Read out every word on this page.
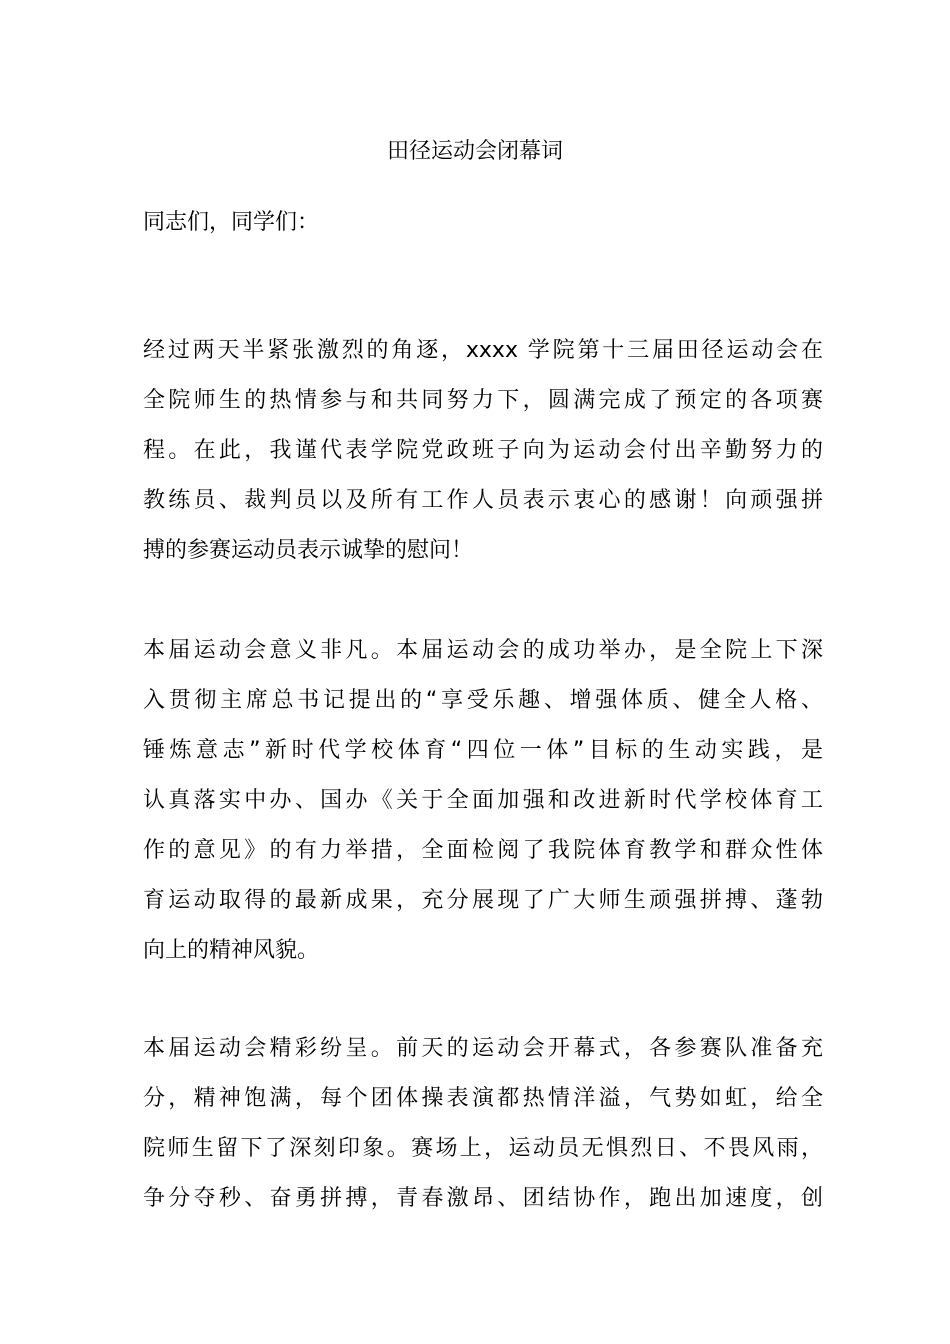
田径运动会闭幕词
同志们，同学们：
经过两天半紧张激烈的角逐，xxxx 学院第十三届田径运动会在
全院师生的热情参与和共同努力下，圆满完成了预定的各项赛
程。在此，我谨代表学院党政班子向为运动会付出辛勤努力的
教练员、裁判员以及所有工作人员表示衷心的感谢！向顽强拼
搏的参赛运动员表示诚挚的慰问！
本届运动会意义非凡。本届运动会的成功举办，是全院上下深
入贯彻主席总书记提出的“享受乐趣、增强体质、健全人格、
锤炼意志”新时代学校体育“四位一体”目标的生动实践，是
认真落实中办、国办《关于全面加强和改进新时代学校体育工
作的意见》的有力举措，全面检阅了我院体育教学和群众性体
育运动取得的最新成果，充分展现了广大师生顽强拼搏、蓬勃
向上的精神风貌。
本届运动会精彩纷呈。前天的运动会开幕式，各参赛队准备充
分，精神饱满，每个团体操表演都热情洋溢，气势如虹，给全
院师生留下了深刻印象。赛场上，运动员无惧烈日、不畏风雨，
争分夺秒、奋勇拼搏，青春激昂、团结协作，跑出加速度，创
